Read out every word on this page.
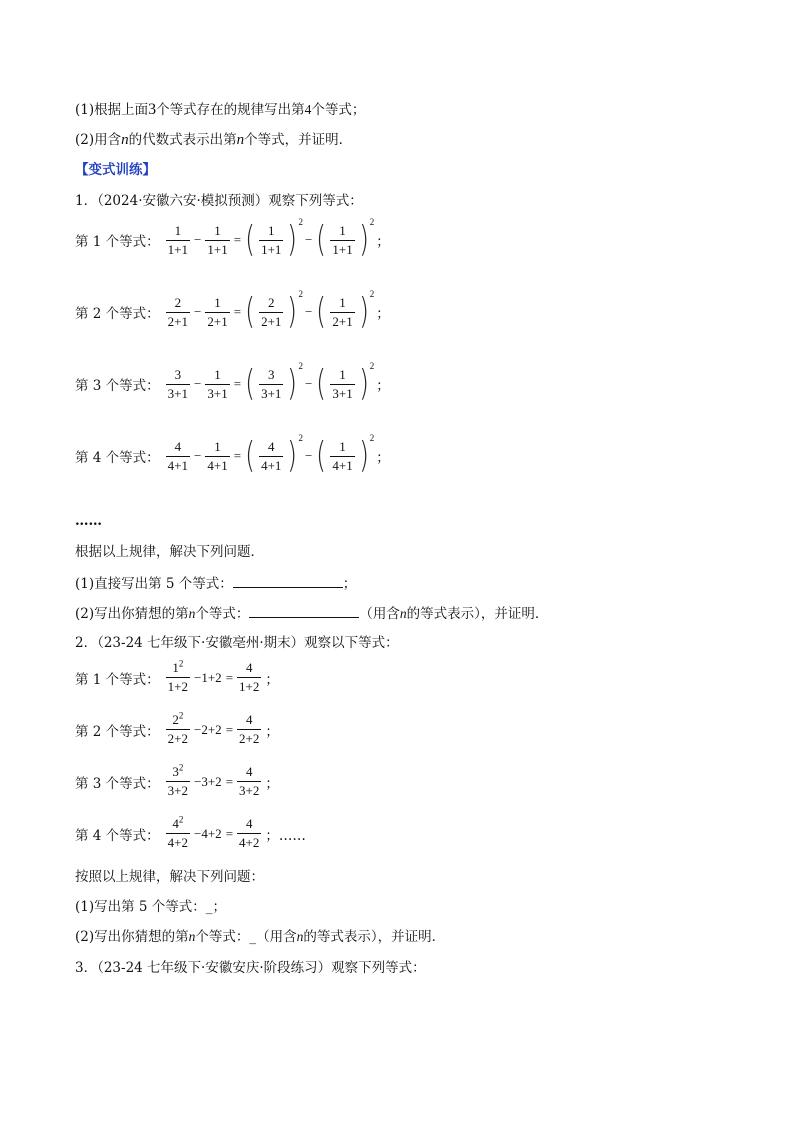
(1)根据上面3个等式存在的规律写出第4个等式；
(2)用含n的代数式表示出第n个等式，并证明．
【变式训练】
1．（2024·安徽六安·模拟预测）观察下列等式：
第 1 个等式： $\frac{1}{1+1} - \frac{1}{1+1}$ = ( $\frac{1}{1+1}$ ) 2
− ( $\frac{1}{1+1}$ ) 2
；
第 2 个等式： $\frac{2}{2+1} - \frac{1}{2+1}$ = ( $\frac{2}{2+1}$ ) 2
− ( $\frac{1}{2+1}$ ) 2
；
第 3 个等式： $\frac{3}{3+1} - \frac{1}{3+1}$ = ( $\frac{3}{3+1}$ ) 2
− ( $\frac{1}{3+1}$ ) 2
；
第 4 个等式： $\frac{4}{4+1} - \frac{1}{4+1}$ = ( $\frac{4}{4+1}$ ) 2
− ( $\frac{1}{4+1}$ ) 2
；
……
根据以上规律，解决下列问题．
(1)直接写出第 5 个等式：	；
(2)写出你猜想的第n个等式：	（用含n的等式表示），并证明．
2．（23-24 七年级下·安徽亳州·期末）观察以下等式：
第 1 个等式： $\frac{1^2}{1+2} -1+2 = \frac{4}{1+2}$ ；
第 2 个等式： $\frac{2^2}{2+2} -2+2 = \frac{4}{2+2}$ ；
第 3 个等式： $\frac{3^2}{3+2} -3+2 = \frac{4}{3+2}$ ；
第 4 个等式： $\frac{4^2}{4+2} -4+2 = \frac{4}{4+2}$ ；……
按照以上规律，解决下列问题：
(1)写出第 5 个等式：_；
(2)写出你猜想的第n个等式：_（用含n的等式表示），并证明．
3．（23-24 七年级下·安徽安庆·阶段练习）观察下列等式：
